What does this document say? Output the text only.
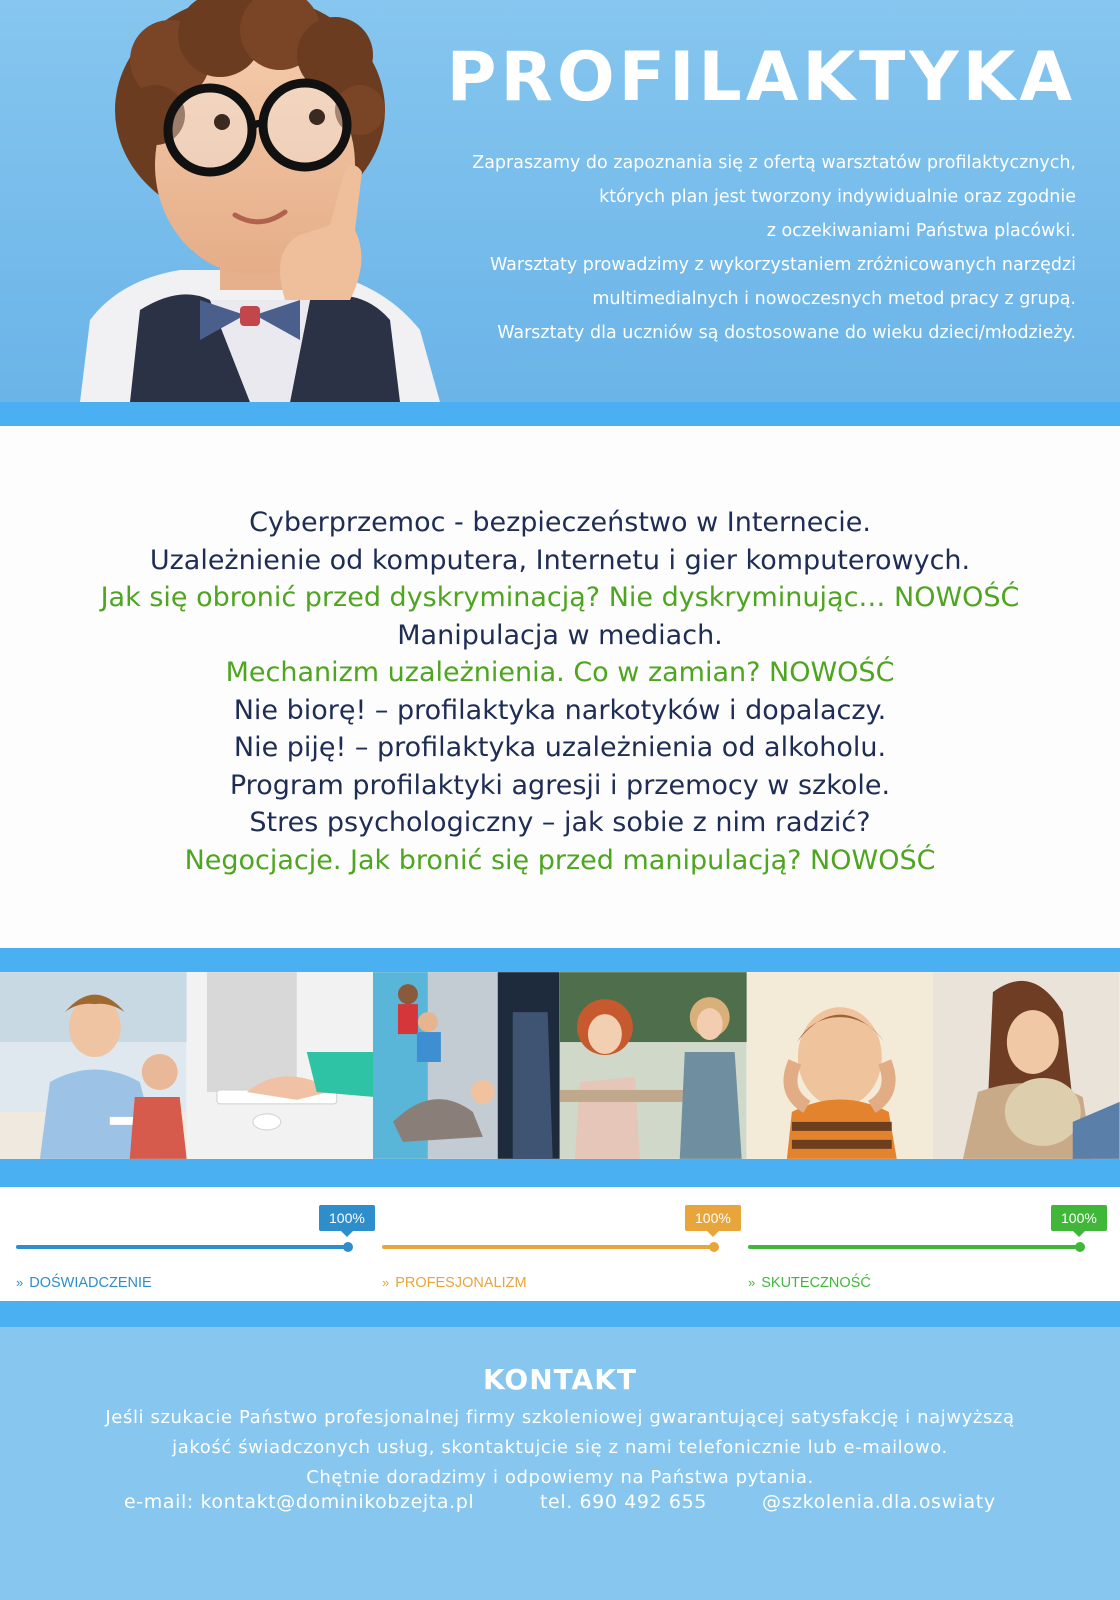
PROFILAKTYKA

Zapraszamy do zapoznania się z ofertą warsztatów profilaktycznych,

których plan jest tworzony indywidualnie oraz zgodnie

z oczekiwaniami Państwa placówki.

Warsztaty prowadzimy z wykorzystaniem zróżnicowanych narzędzi

multimedialnych i nowoczesnych metod pracy z grupą.

Warsztaty dla uczniów są dostosowane do wieku dzieci/młodzieży.

Cyberprzemoc - bezpieczeństwo w Internecie.
Uzależnienie od komputera, Internetu i gier komputerowych.
Jak się obronić przed dyskryminacją? Nie dyskryminując… NOWOŚĆ
Manipulacja w mediach.
Mechanizm uzależnienia. Co w zamian? NOWOŚĆ
Nie biorę! – profilaktyka narkotyków i dopalaczy.
Nie piję! – profilaktyka uzależnienia od alkoholu.
Program profilaktyki agresji i przemocy w szkole.
Stres psychologiczny – jak sobie z nim radzić?
Negocjacje. Jak bronić się przed manipulacją? NOWOŚĆ
100%
» DOŚWIADCZENIE
100%
» PROFESJONALIZM
100%
» SKUTECZNOŚĆ
KONTAKT

Jeśli szukacie Państwo profesjonalnej firmy szkoleniowej gwarantującej satysfakcję i najwyższą

jakość świadczonych usług, skontaktujcie się z nami telefonicznie lub e-mailowo.

Chętnie doradzimy i odpowiemy na Państwa pytania.

e-mail: kontakt@dominikobzejta.pl	tel. 690 492 655	@szkolenia.dla.oswiaty
